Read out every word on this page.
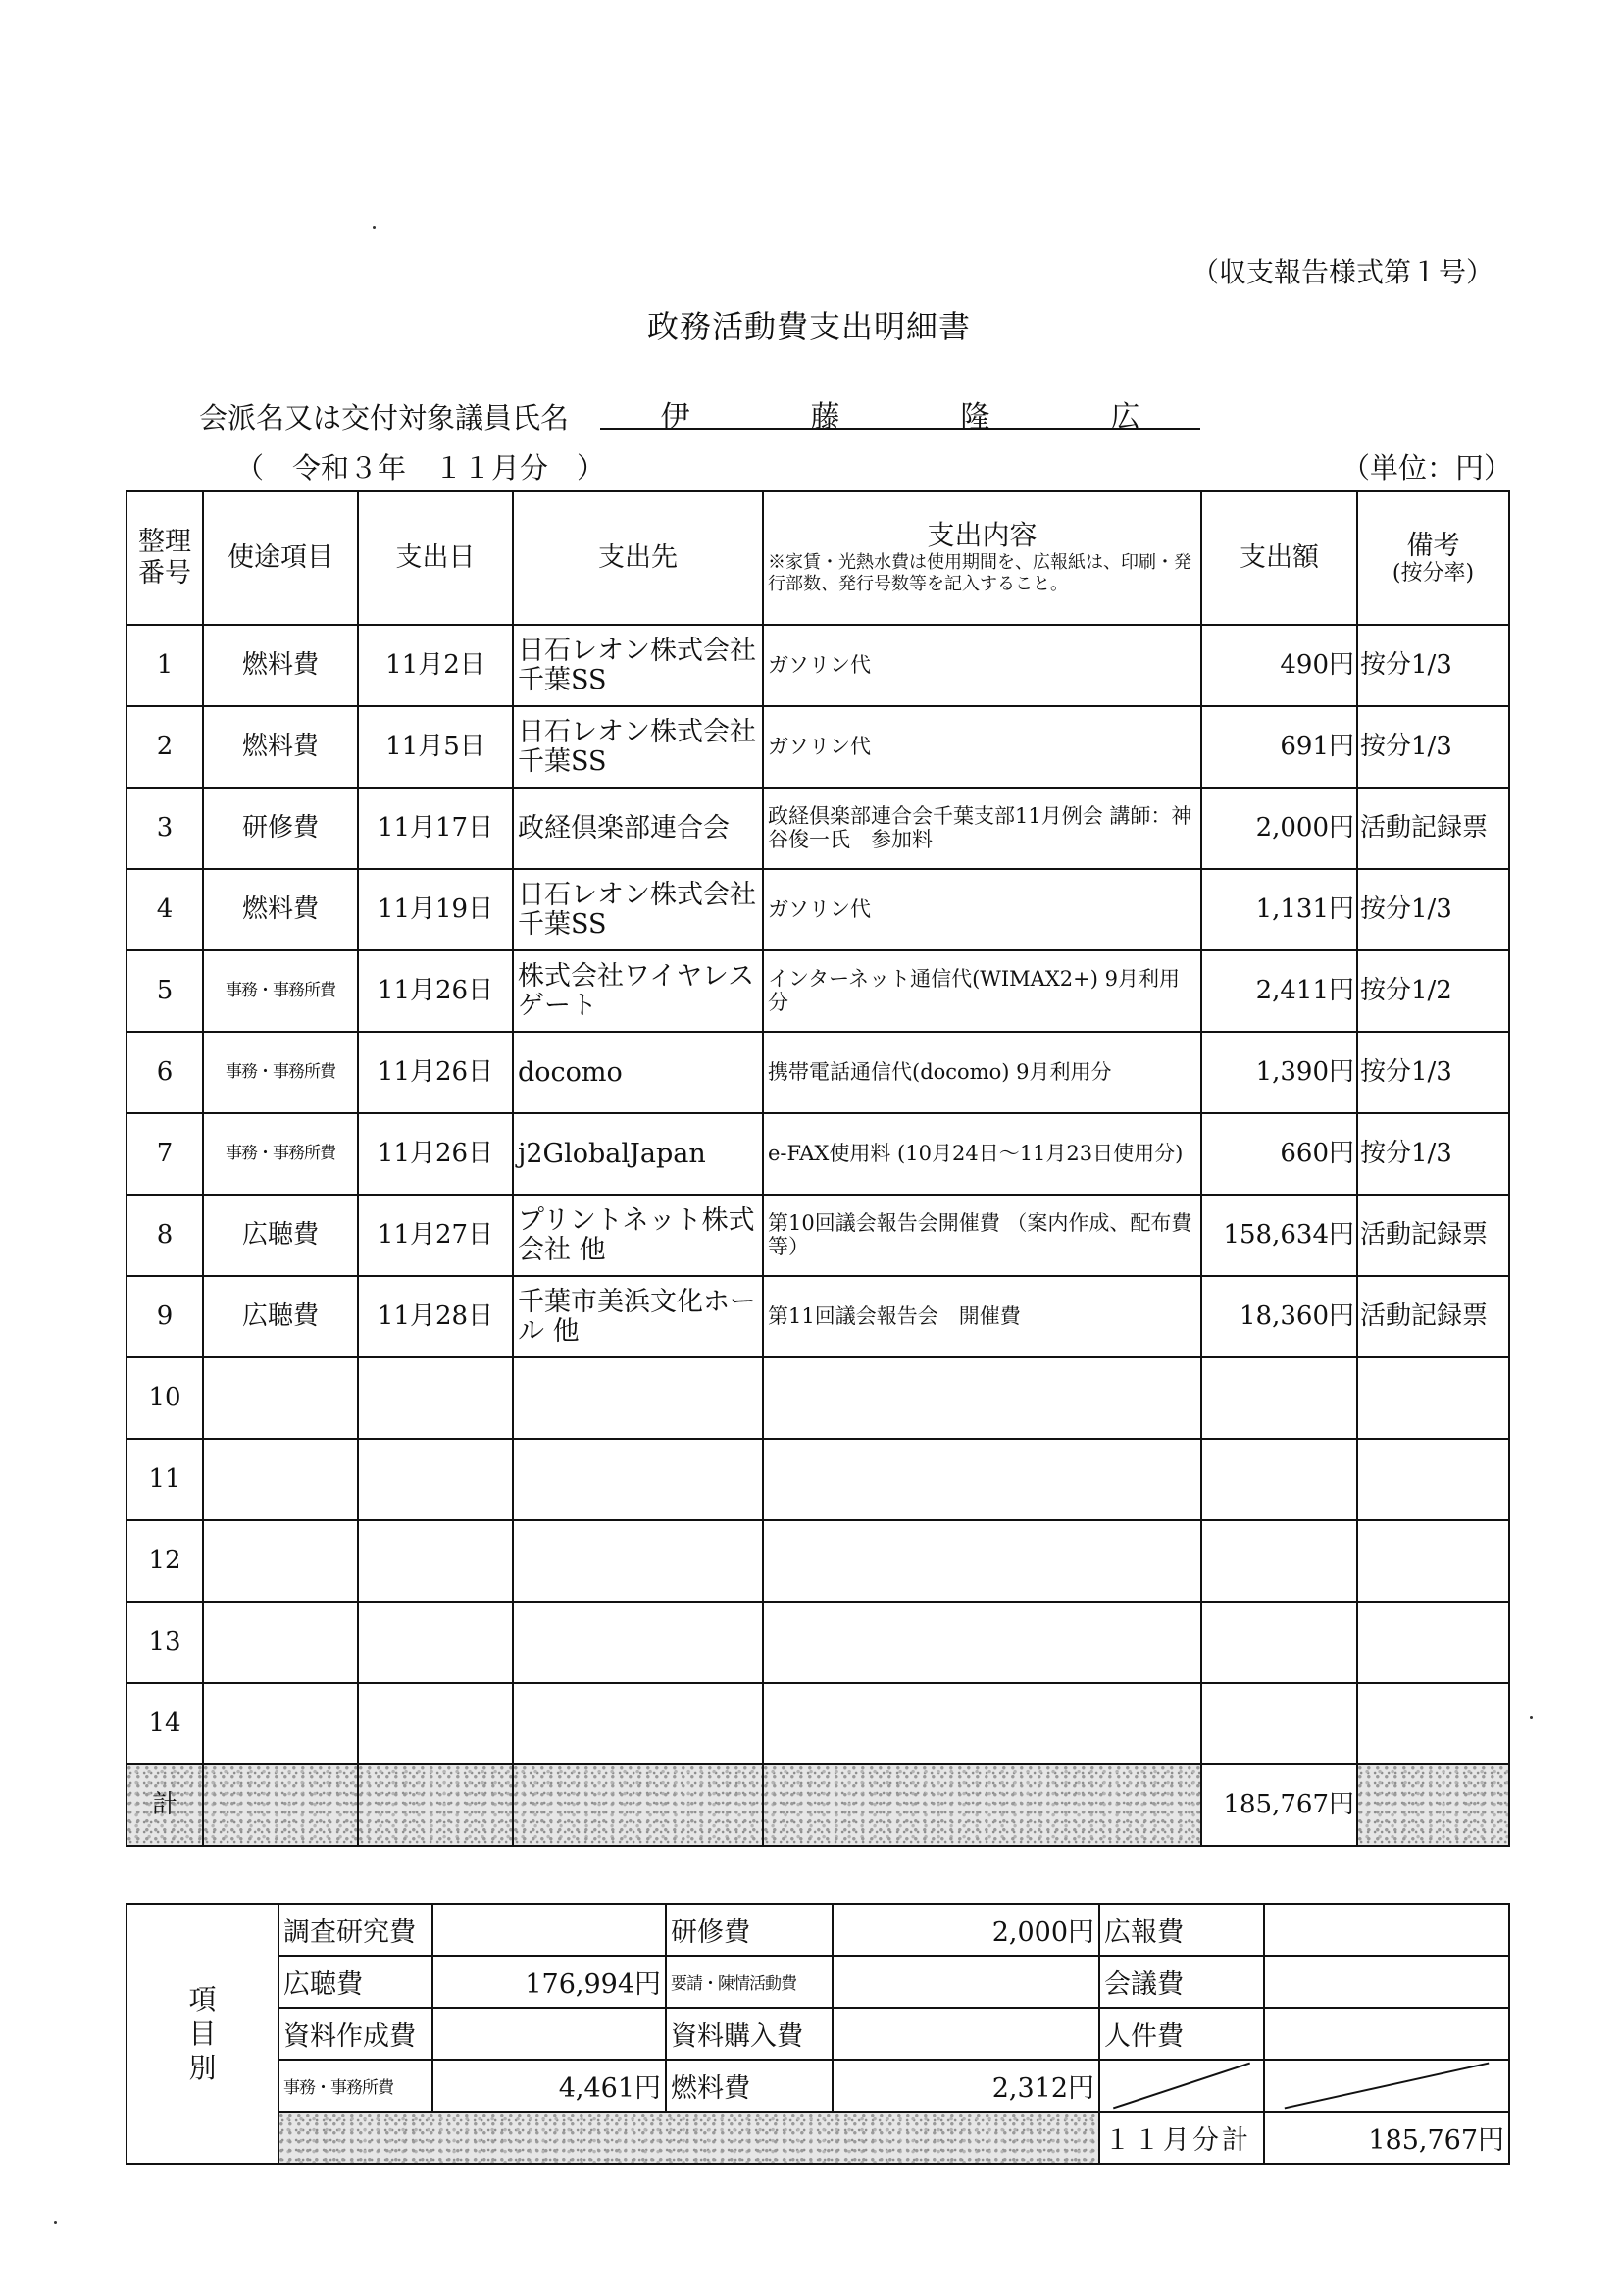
（収支報告様式第１号）
政務活動費支出明細書
会派名又は交付対象議員氏名	伊	藤	隆	広
（　令和３年　１１月分　）	（単位：円）
整理番号	使途項目	支出日	支出先	支出内容
※家賃・光熱水費は使用期間を、広報紙は、印刷・発行部数、発行号数等を記入すること。	支出額	備考
(按分率)

1	燃料費	11月2日	日石レオン株式会社千葉SS	ガソリン代	490円	按分1/3
2	燃料費	11月5日	日石レオン株式会社千葉SS	ガソリン代	691円	按分1/3
3	研修費	11月17日	政経倶楽部連合会	政経倶楽部連合会千葉支部11月例会 講師：神谷俊一氏　参加料	2,000円	活動記録票
4	燃料費	11月19日	日石レオン株式会社千葉SS	ガソリン代	1,131円	按分1/3
5	事務・事務所費	11月26日	株式会社ワイヤレスゲート	インターネット通信代(WIMAX2+) 9月利用分	2,411円	按分1/2
6	事務・事務所費	11月26日	docomo	携帯電話通信代(docomo) 9月利用分	1,390円	按分1/3
7	事務・事務所費	11月26日	j2GlobalJapan	e-FAX使用料 (10月24日～11月23日使用分)	660円	按分1/3
8	広聴費	11月27日	プリントネット株式会社 他	第10回議会報告会開催費 （案内作成、配布費等）	158,634円	活動記録票
9	広聴費	11月28日	千葉市美浜文化ホール 他	第11回議会報告会　開催費	18,360円	活動記録票
10						
11						
12						
13						
14						
計					185,767円	
項
目
別	調査研究費		研修費	2,000円	広報費	
	広聴費	176,994円	要請・陳情活動費		会議費	
	資料作成費		資料購入費		人件費	
	事務・事務所費	4,461円	燃料費	2,312円	

					１１月分計	185,767円
